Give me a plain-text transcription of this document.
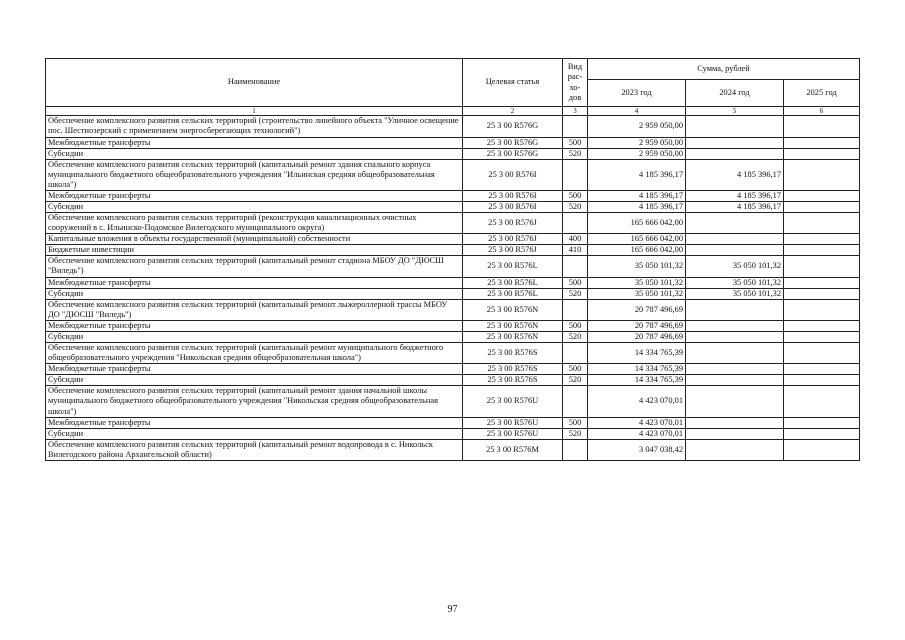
Наименование	Целевая статья	Вид рас-хо-дов	Сумма, рублей		
			2023 год	2024 год	2025 год
1	2	3	4	5	6
Обеспечение комплексного развития сельских территорий (строительство линейного объекта "Уличное освещение пос. Шестиозерский с применением энергосберегающих технологий")	25 3 00 R576G		2 959 050,00		
Межбюджетные трансферты	25 3 00 R576G	500	2 959 050,00		
Субсидии	25 3 00 R576G	520	2 959 050,00		
Обеспечение комплексного развития сельских территорий (капитальный ремонт здания спального корпуса муниципального бюджетного общеобразовательного учреждения "Ильинская средняя общеобразовательная школа")	25 3 00 R576I		4 185 396,17	4 185 396,17	
Межбюджетные трансферты	25 3 00 R576I	500	4 185 396,17	4 185 396,17	
Субсидии	25 3 00 R576I	520	4 185 396,17	4 185 396,17	
Обеспечение комплексного развития сельских территорий (реконструкция канализационных очистных сооружений в с. Ильинско-Подомское Вилегодского муниципального округа)	25 3 00 R576J		165 666 042,00		
Капитальные вложения в объекты государственной (муниципальной) собственности	25 3 00 R576J	400	165 666 042,00		
Бюджетные инвестиции	25 3 00 R576J	410	165 666 042,00		
Обеспечение комплексного развития сельских территорий (капитальный ремонт стадиона МБОУ ДО "ДЮСШ "Виледь")	25 3 00 R576L		35 050 101,32	35 050 101,32	
Межбюджетные трансферты	25 3 00 R576L	500	35 050 101,32	35 050 101,32	
Субсидии	25 3 00 R576L	520	35 050 101,32	35 050 101,32	
Обеспечение комплексного развития сельских территорий (капитальный ремонт лыжероллерной трассы МБОУ ДО "ДЮСШ "Виледь")	25 3 00 R576N		20 787 496,69		
Межбюджетные трансферты	25 3 00 R576N	500	20 787 496,69		
Субсидии	25 3 00 R576N	520	20 787 496,69		
Обеспечение комплексного развития сельских территорий (капитальный ремонт муниципального бюджетного общеобразовательного учреждения "Никольская средняя общеобразовательная школа")	25 3 00 R576S		14 334 765,39		
Межбюджетные трансферты	25 3 00 R576S	500	14 334 765,39		
Субсидии	25 3 00 R576S	520	14 334 765,39		
Обеспечение комплексного развития сельских территорий (капитальный ремонт здания начальной школы муниципального бюджетного общеобразовательного учреждения "Никольская средняя общеобразовательная школа")	25 3 00 R576U		4 423 070,01		
Межбюджетные трансферты	25 3 00 R576U	500	4 423 070,01		
Субсидии	25 3 00 R576U	520	4 423 070,01		
Обеспечение комплексного развития сельских территорий (капитальный ремонт водопровода в с. Никольск Вилегодского района Архангельской области)	25 3 00 R576M		3 047 038,42		
97
